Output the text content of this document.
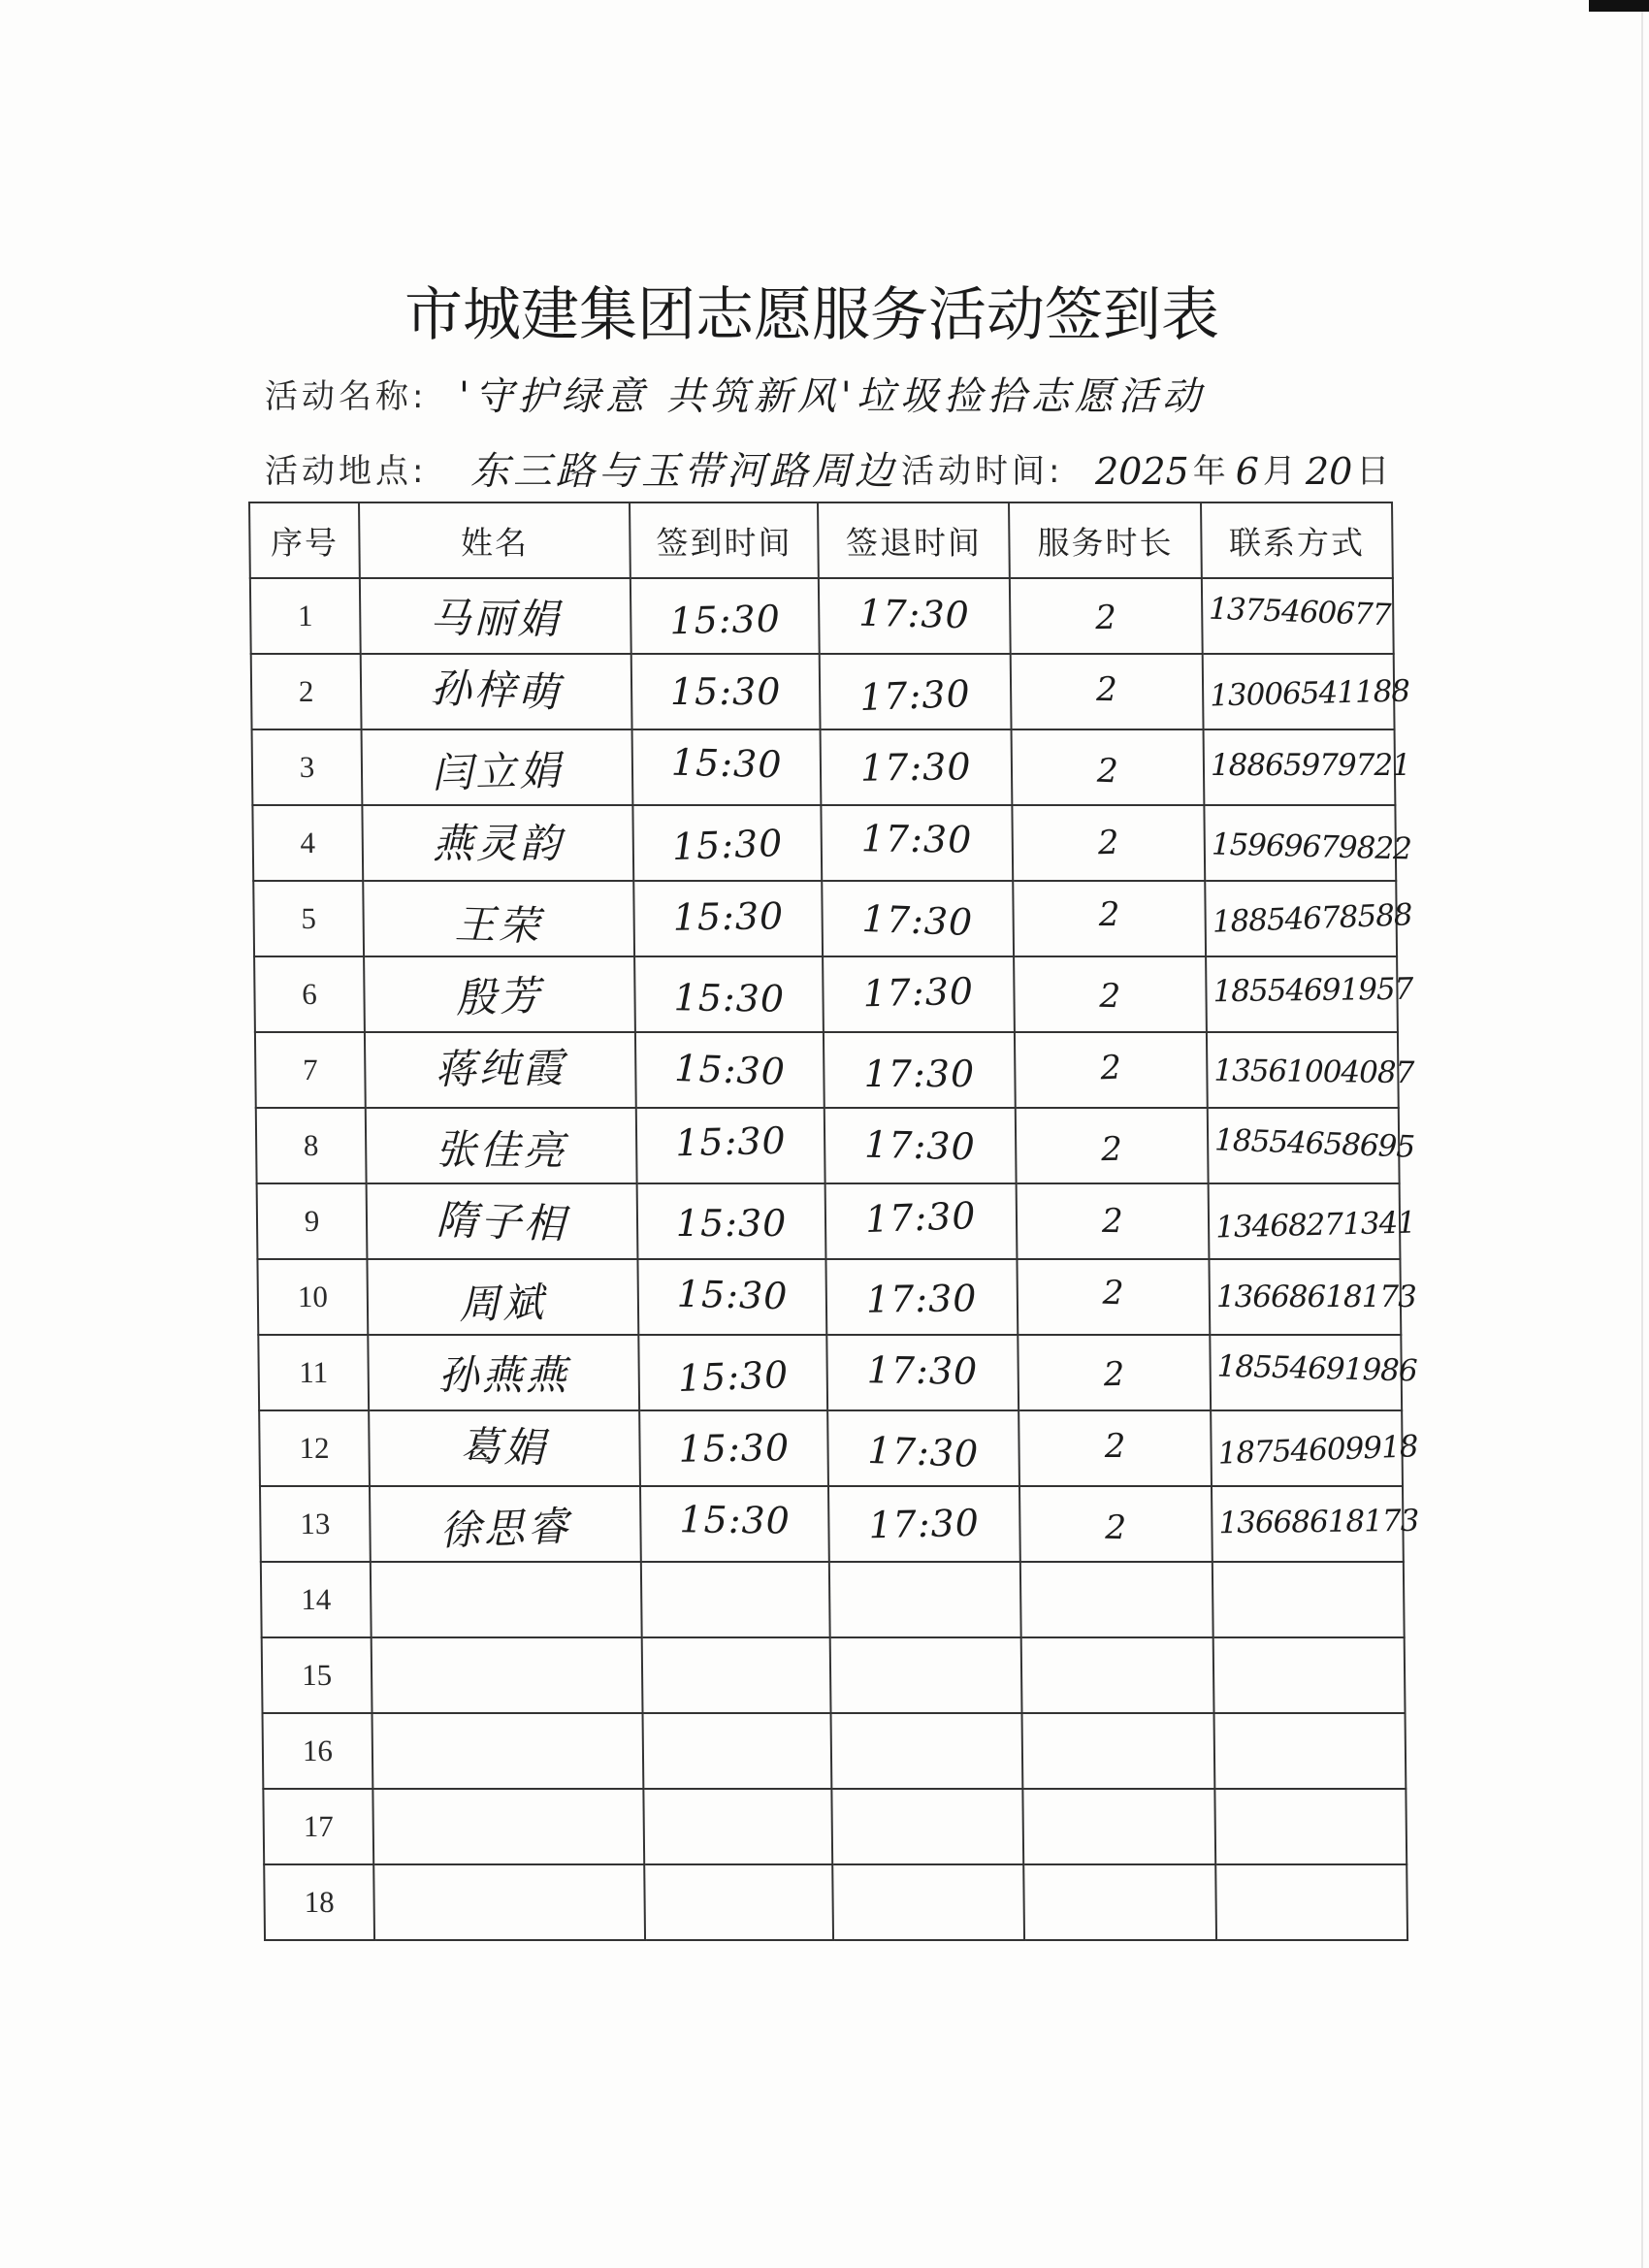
市城建集团志愿服务活动签到表
活动名称: '守护绿意 共筑新风'垃圾捡拾志愿活动
活动地点: 东三路与玉带河路周边 活动时间: 2025 年 6 月 20 日
序号	姓名	签到时间	签退时间	服务时长	联系方式
1	马丽娟	15:30	17:30	2	1375460677
2	孙梓萌	15:30	17:30	2	13006541188
3	闫立娟	15:30	17:30	2	18865979721
4	燕灵韵	15:30	17:30	2	15969679822
5	王荣	15:30	17:30	2	18854678588
6	殷芳	15:30	17:30	2	18554691957
7	蒋纯霞	15:30	17:30	2	13561004087
8	张佳亮	15:30	17:30	2	18554658695
9	隋子相	15:30	17:30	2	13468271341
10	周斌	15:30	17:30	2	13668618173
11	孙燕燕	15:30	17:30	2	18554691986
12	葛娟	15:30	17:30	2	18754609918
13	徐思睿	15:30	17:30	2	13668618173
14					
15					
16					
17					
18					
